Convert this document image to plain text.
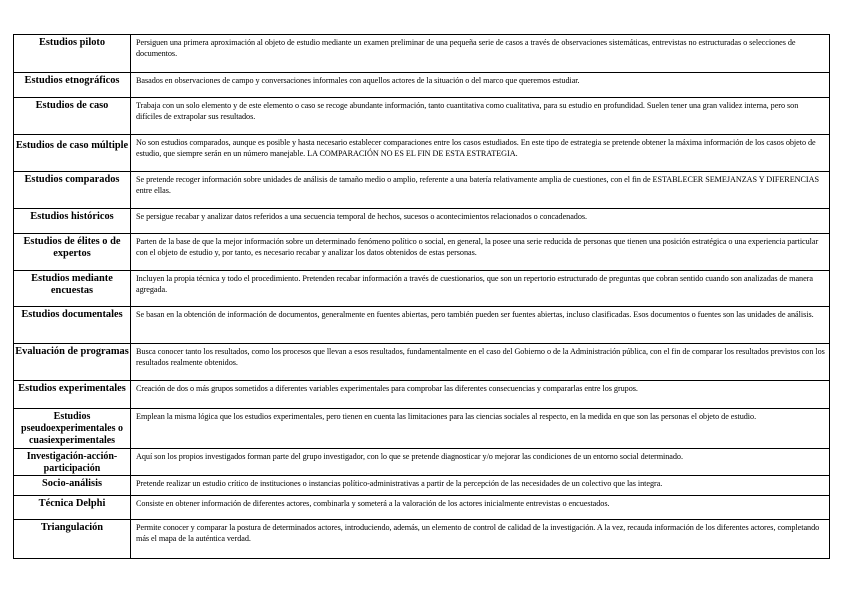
Estudios piloto	Persiguen una primera aproximación al objeto de estudio mediante un examen preliminar de una pequeña serie de casos a través de observaciones sistemáticas, entrevistas no estructuradas o selecciones de documentos.
Estudios etnográficos	Basados en observaciones de campo y conversaciones informales con aquellos actores de la situación o del marco que queremos estudiar.
Estudios de caso	Trabaja con un solo elemento y de este elemento o caso se recoge abundante información, tanto cuantitativa como cualitativa, para su estudio en profundidad. Suelen tener una gran validez interna, pero son difíciles de extrapolar sus resultados.
Estudios de caso múltiple	No son estudios comparados, aunque es posible y hasta necesario establecer comparaciones entre los casos estudiados. En este tipo de estrategia se pretende obtener la máxima información de los casos objeto de estudio, que siempre serán en un número manejable. LA COMPARACIÓN NO ES EL FIN DE ESTA ESTRATEGIA.
Estudios comparados	Se pretende recoger información sobre unidades de análisis de tamaño medio o amplio, referente a una batería relativamente amplia de cuestiones, con el fin de ESTABLECER SEMEJANZAS Y DIFERENCIAS entre ellas.
Estudios históricos	Se persigue recabar y analizar datos referidos a una secuencia temporal de hechos, sucesos o acontecimientos relacionados o concadenados.
Estudios de élites o de expertos	Parten de la base de que la mejor información sobre un determinado fenómeno político o social, en general, la posee una serie reducida de personas que tienen una posición estratégica o una experiencia particular con el objeto de estudio y, por tanto, es necesario recabar y analizar los datos obtenidos de estas personas.
Estudios mediante encuestas	Incluyen la propia técnica y todo el procedimiento. Pretenden recabar información a través de cuestionarios, que son un repertorio estructurado de preguntas que cobran sentido cuando son analizadas de manera agregada.
Estudios documentales	Se basan en la obtención de información de documentos, generalmente en fuentes abiertas, pero también pueden ser fuentes abiertas, incluso clasificadas. Esos documentos o fuentes son las unidades de análisis.
Evaluación de programas	Busca conocer tanto los resultados, como los procesos que llevan a esos resultados, fundamentalmente en el caso del Gobierno o de la Administración pública, con el fin de comparar los resultados previstos con los resultados realmente obtenidos.
Estudios experimentales	Creación de dos o más grupos sometidos a diferentes variables experimentales para comprobar las diferentes consecuencias y compararlas entre los grupos.
Estudios pseudoexperimentales o cuasiexperimentales	Emplean la misma lógica que los estudios experimentales, pero tienen en cuenta las limitaciones para las ciencias sociales al respecto, en la medida en que son las personas el objeto de estudio.
Investigación-acción-participación	Aquí son los propios investigados forman parte del grupo investigador, con lo que se pretende diagnosticar y/o mejorar las condiciones de un entorno social determinado.
Socio-análisis	Pretende realizar un estudio crítico de instituciones o instancias político-administrativas a partir de la percepción de las necesidades de un colectivo que las integra.
Técnica Delphi	Consiste en obtener información de diferentes actores, combinarla y someterá a la valoración de los actores inicialmente entrevistas o encuestados.
Triangulación	Permite conocer y comparar la postura de determinados actores, introduciendo, además, un elemento de control de calidad de la investigación. A la vez, recauda información de los diferentes actores, completando más el mapa de la auténtica verdad.
